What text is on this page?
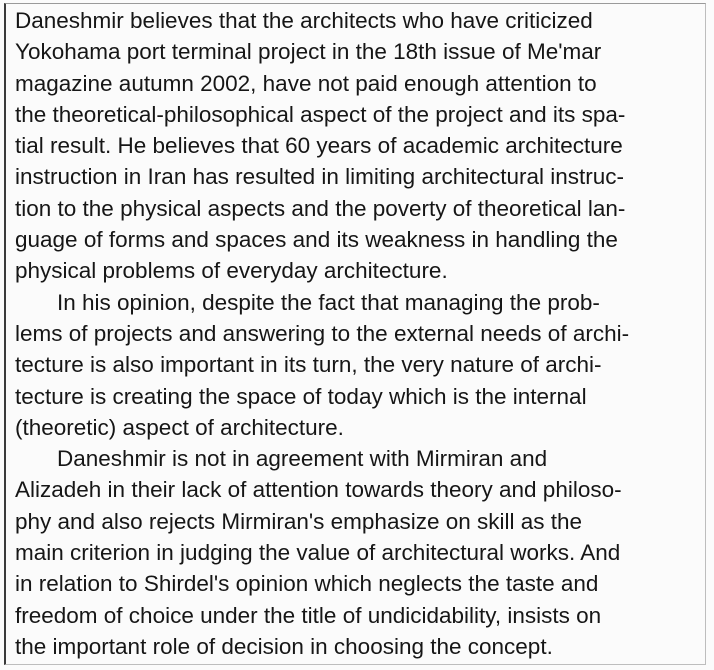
Daneshmir believes that the architects who have criticized
Yokohama port terminal project in the 18th issue of Me'mar
magazine autumn 2002, have not paid enough attention to
the theoretical-philosophical aspect of the project and its spa-
tial result. He believes that 60 years of academic architecture
instruction in Iran has resulted in limiting architectural instruc-
tion to the physical aspects and the poverty of theoretical lan-
guage of forms and spaces and its weakness in handling the
physical problems of everyday architecture.
In his opinion, despite the fact that managing the prob-
lems of projects and answering to the external needs of archi-
tecture is also important in its turn, the very nature of archi-
tecture is creating the space of today which is the internal
(theoretic) aspect of architecture.
Daneshmir is not in agreement with Mirmiran and
Alizadeh in their lack of attention towards theory and philoso-
phy and also rejects Mirmiran's emphasize on skill as the
main criterion in judging the value of architectural works. And
in relation to Shirdel's opinion which neglects the taste and
freedom of choice under the title of undicidability, insists on
the important role of decision in choosing the concept.
